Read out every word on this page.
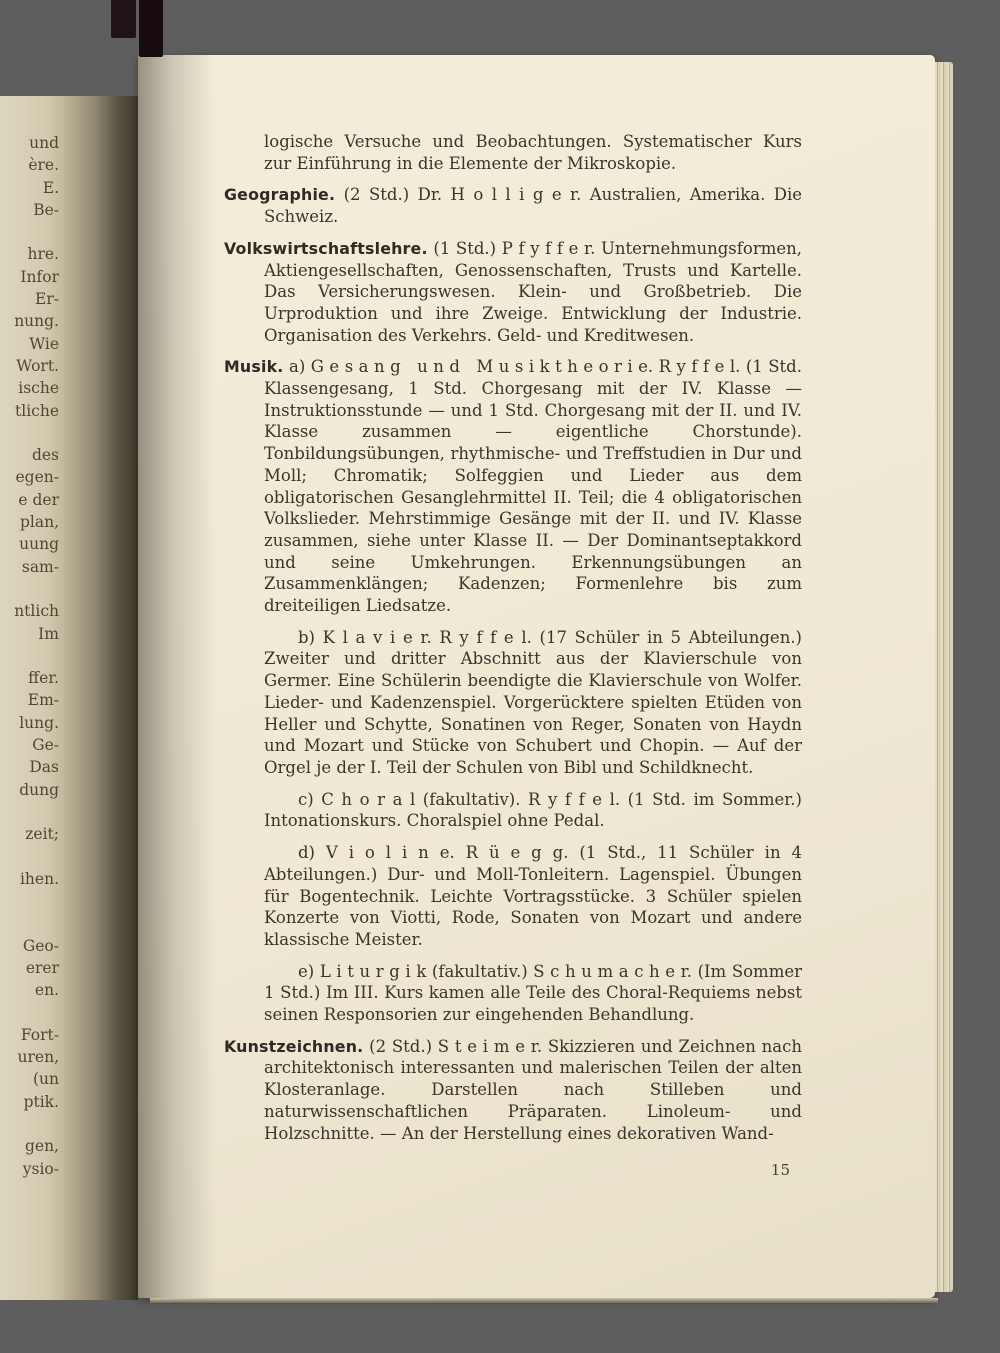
und
ère.
E.
Be-
hre.
Infor
Er-
nung.
Wie
Wort.
ische
tliche
des
egen-
e der
plan,
uung
sam-
ntlich
Im
ffer.
Em-
lung.
Ge-
Das
dung
zeit;
ihen.
Geo-
erer
en.
Fort-
uren,
(un
ptik.
gen,
ysio-

logische Versuche und Beobachtungen. Systematischer Kurs zur Einführung in die Elemente der Mikroskopie.

Geographie. (2 Std.) Dr. H o l l i g e r. Australien, Amerika. Die Schweiz.

Volkswirtschaftslehre. (1 Std.) P f y f f e r. Unternehmungsformen, Aktiengesellschaften, Genossenschaften, Trusts und Kartelle. Das Versicherungswesen. Klein- und Großbetrieb. Die Urproduktion und ihre Zweige. Entwicklung der Industrie. Organisation des Verkehrs. Geld- und Kreditwesen.

Musik. a) G e s a n g   u n d   M u s i k t h e o r i e. R y f f e l. (1 Std. Klassengesang, 1 Std. Chorgesang mit der IV. Klasse — Instruktionsstunde — und 1 Std. Chorgesang mit der II. und IV. Klasse zusammen — eigentliche Chorstunde). Tonbildungsübungen, rhythmische- und Treffstudien in Dur und Moll; Chromatik; Solfeggien und Lieder aus dem obligatorischen Gesanglehrmittel II. Teil; die 4 obligatorischen Volkslieder. Mehrstimmige Gesänge mit der II. und IV. Klasse zusammen, siehe unter Klasse II. — Der Dominantseptakkord und seine Umkehrungen. Erkennungsübungen an Zusammenklängen; Kadenzen; Formenlehre bis zum dreiteiligen Liedsatze.

b) K l a v i e r. R y f f e l. (17 Schüler in 5 Abteilungen.) Zweiter und dritter Abschnitt aus der Klavierschule von Germer. Eine Schülerin beendigte die Klavierschule von Wolfer. Lieder- und Kadenzenspiel. Vorgerücktere spielten Etüden von Heller und Schytte, Sonatinen von Reger, Sonaten von Haydn und Mozart und Stücke von Schubert und Chopin. — Auf der Orgel je der I. Teil der Schulen von Bibl und Schildknecht.

c) C h o r a l (fakultativ). R y f f e l. (1 Std. im Sommer.) Intonationskurs. Choralspiel ohne Pedal.

d) V i o l i n e. R ü e g g. (1 Std., 11 Schüler in 4 Abteilungen.) Dur- und Moll-Tonleitern. Lagenspiel. Übungen für Bogentechnik. Leichte Vortragsstücke. 3 Schüler spielen Konzerte von Viotti, Rode, Sonaten von Mozart und andere klassische Meister.

e) L i t u r g i k (fakultativ.) S c h u m a c h e r. (Im Sommer 1 Std.) Im III. Kurs kamen alle Teile des Choral-Requiems nebst seinen Responsorien zur eingehenden Behandlung.

Kunstzeichnen. (2 Std.) S t e i m e r. Skizzieren und Zeichnen nach architektonisch interessanten und malerischen Teilen der alten Klosteranlage. Darstellen nach Stilleben und naturwissenschaftlichen Präparaten. Linoleum- und Holzschnitte. — An der Herstellung eines dekorativen Wand-

15
